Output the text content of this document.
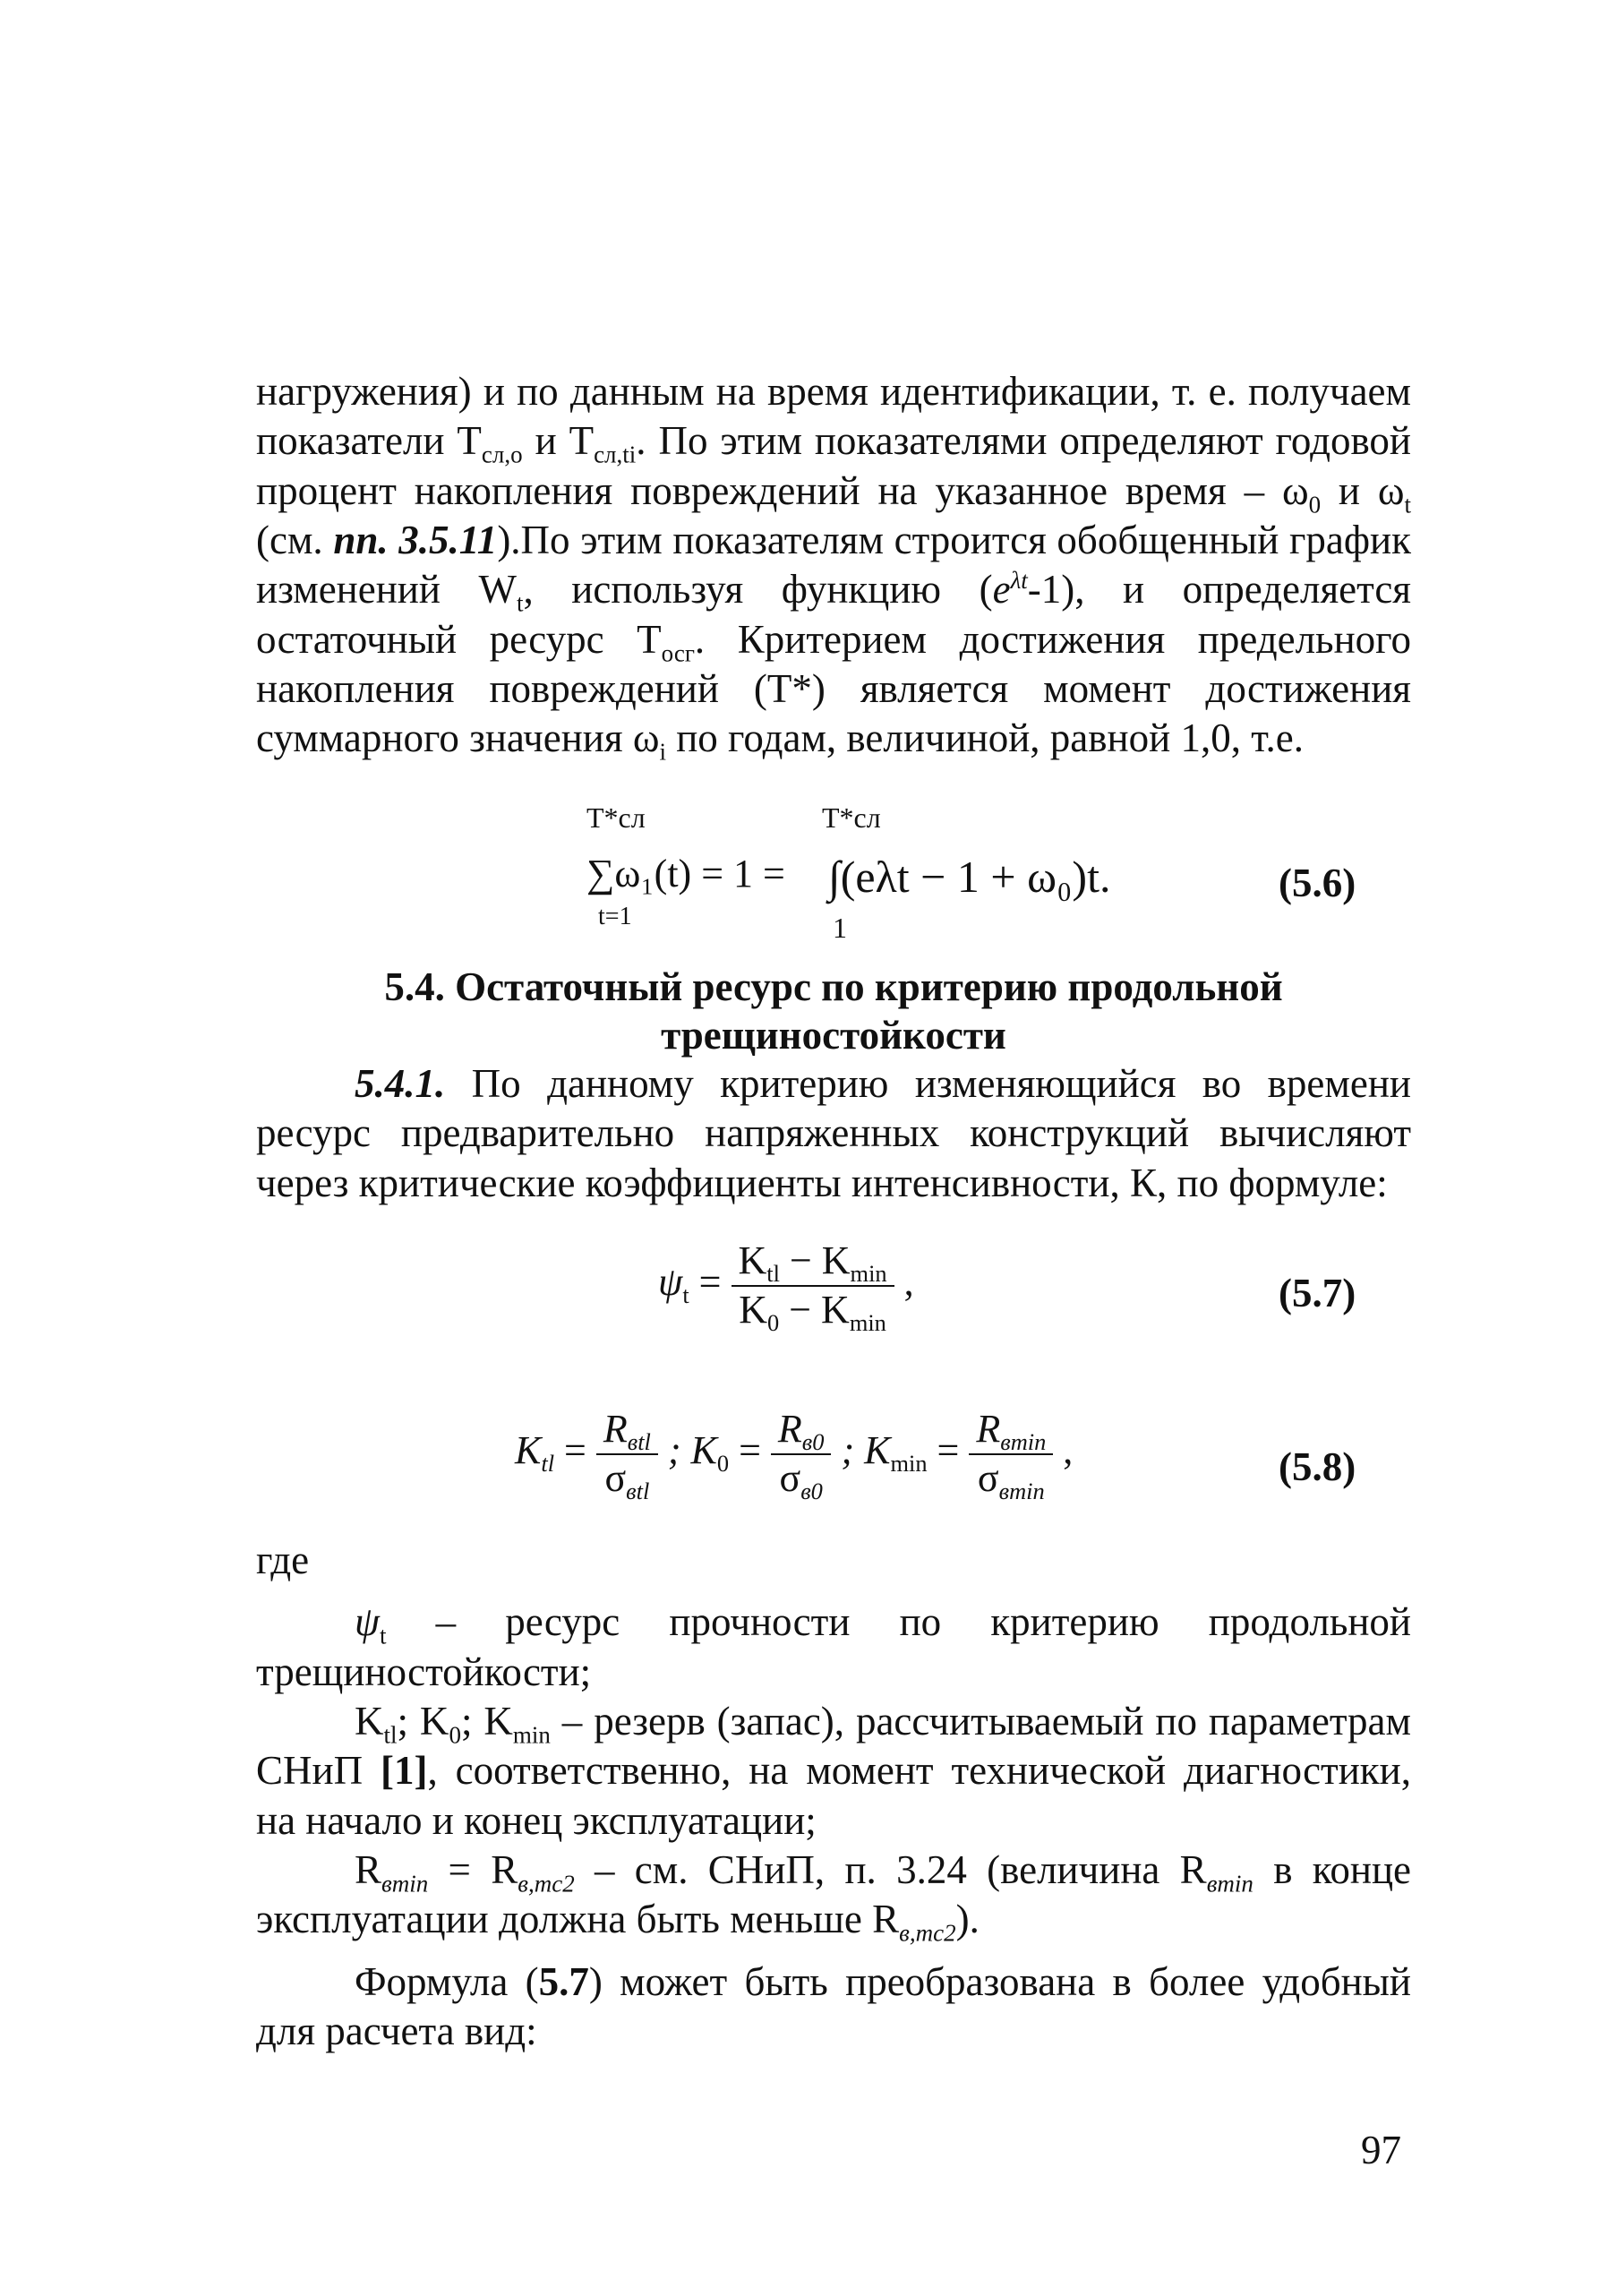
нагружения) и по данным на время идентификации, т. е. получаем показатели $Т_{сл,о}$ и $Т_{сл,tі}$. По этим показателями определяют годовой процент накопления повреждений на указанное время – $\omega_0$ и $\omega_t$ (см. пп. 3.5.11).По этим показателям строится обобщенный график изменений $W_t$, используя функцию $(e^{\lambda t}-1)$, и определяется остаточный ресурс $Т_{осг}$. Критерием достижения предельного накопления повреждений (Т*) является момент достижения суммарного значения $\omega_i$ по годам, величиной, равной 1,0, т.е.

Т*сл
∑ω₁(t) = 1 =
t=1
Т*сл
∫(eλt − 1 + ω₀)t.
1
(5.6)
5.4. Остаточный ресурс по критерию продольной
трещиностойкости

5.4.1. По данному критерию изменяющийся во времени ресурс предварительно напряженных конструкций вычисляют через критические коэффициенты интенсивности, К, по формуле:

$\psi_t = \frac{K_{tl} - K_{min}}{K_0 - K_{min}}$ ,	(5.7)
$K_{tl} = \frac{R_{вtl}}{\sigma_{вtl}}$ ; $K_0 = \frac{R_{в0}}{\sigma_{в0}}$ ; $K_{min} = \frac{R_{вmin}}{\sigma_{вmin}}$ ,	(5.8)

где

$\psi_t$ – ресурс прочности по критерию продольной трещиностойкости;

$K_{tl}$; $K_0$; $K_{min}$ – резерв (запас), рассчитываемый по параметрам СНиП [1], соответственно, на момент технической диагностики, на начало и конец эксплуатации;

$R_{вmin} = R_{в,mc2}$ – см. СНиП, п. 3.24 (величина $R_{вmin}$ в конце эксплуатации должна быть меньше $R_{в,mc2}$).

Формула (5.7) может быть преобразована в более удобный для расчета вид:

97
